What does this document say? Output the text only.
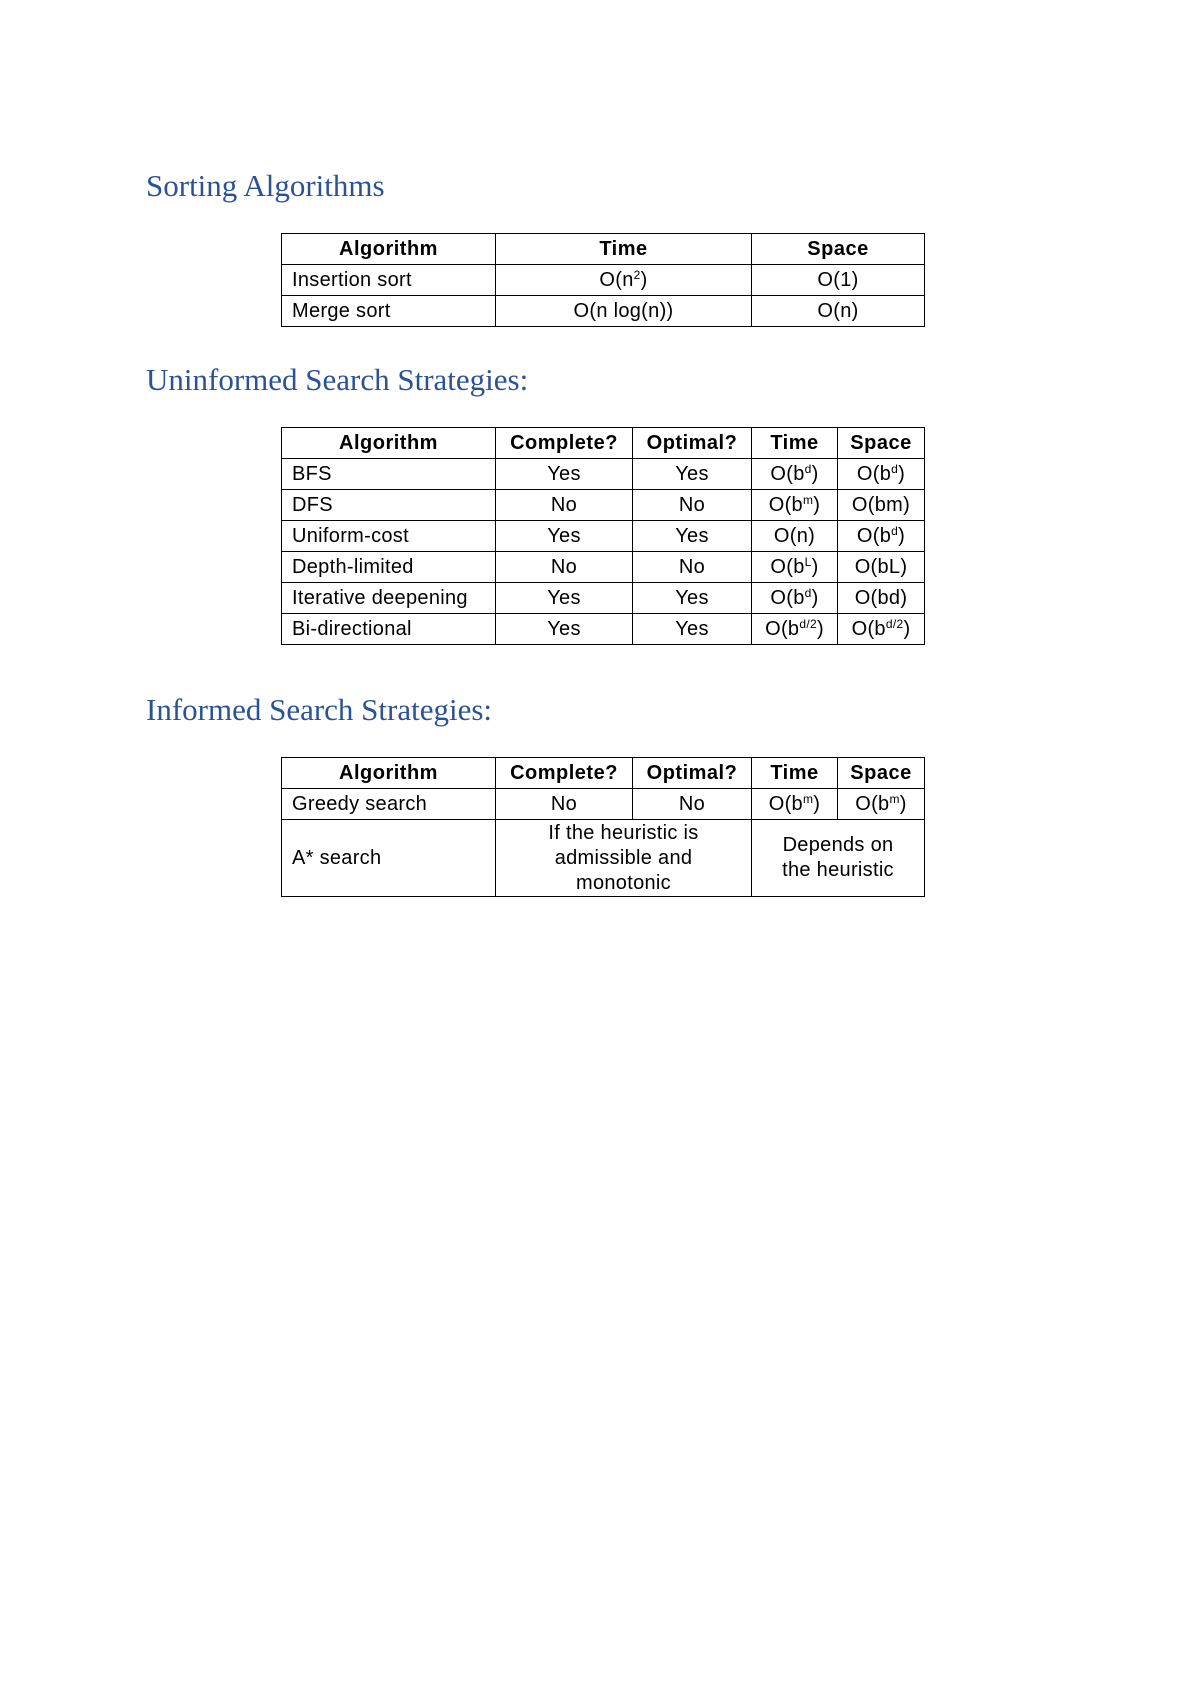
Sorting Algorithms
Algorithm	Time	Space
Insertion sort	$O(n^2)$	O(1)
Merge sort	O(n log(n))	O(n)
Uninformed Search Strategies:
Algorithm	Complete?	Optimal?	Time	Space
BFS	Yes	Yes	$O(b^d)$	$O(b^d)$
DFS	No	No	$O(b^m)$	O(bm)
Uniform-cost	Yes	Yes	O(n)	$O(b^d)$
Depth-limited	No	No	$O(b^L)$	O(bL)
Iterative deepening	Yes	Yes	$O(b^d)$	O(bd)
Bi-directional	Yes	Yes	$O(b^{d/2})$	$O(b^{d/2})$
Informed Search Strategies:
Algorithm	Complete?	Optimal?	Time	Space
Greedy search	No	No	$O(b^m)$	$O(b^m)$
A* search	If the heuristic is admissible and monotonic		Depends on the heuristic	
